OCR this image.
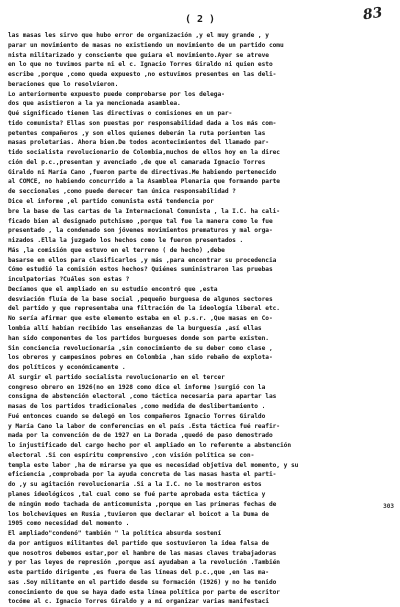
( 2 )	83
las masas les sirvo que hubo error de organización ,y el muy grande , y
parar un movimiento de masas no existiendo un movimiento de un partido comu
nista militarizado y consciente que guiara el movimiento.Ayer se atreve
en lo que no tuvimos parte ni el c. Ignacio Torres Giraldo ni quien esto
escribe ,porque ,como queda expuesto ,no estuvimos presentes en las deli-
beraciones que lo resolvieron.
Lo anteriormente expuesto puede comprobarse por los delega-
dos que asistieron a la ya mencionada asamblea.
Qué significado tienen las directivas o comisiones en un par-
tido comunista? Ellas son puestas por responsabilidad dada a los más com-
petentes compañeros ,y son ellos quienes deberán la ruta porienten las
masas proletarias. Ahora bien.De todos acontecimientos del llamado par-
tido socialista revolucionario de Colombia,muchos de ellos hoy en la direc
ción del p.c.,presentan y avenciado ,de que el camarada Ignacio Torres
Giraldo ni María Cano ,fueron parte de directivas.Me habiendo pertenecido
al COMCE, no habiendo concurrido a la Asamblea Plenaria que formando parte
de seccionales ,como puede derecer tan única responsabilidad ?
Dice el informe ,el partido comunista está tendencia por
bre la base de las cartas de la Internacional Comunista , la I.C. ha cali-
ficado bien al designado putchismo ,porque tal fue la manera como le fue
presentado , la condenado son jóvenes movimientos prematuros y mal orga-
nizados .Ella la juzgado los hechos como le fueron presentados .
Más ,la comisión que estuvo en el terreno ( de hecho) ,debe
basarse en ellos para clasificarlos ,y más ,para encontrar su procedencia
Cómo estudió la comisión estos hechos? Quiénes suministraron las pruebas
inculpatorias ?Cuáles son estas ?
Decíamos que el ampliado en su estudio encontró que ,esta
desviación fluía de la base social ,pequeño burguesa de algunos sectores
del partido y que representaba una filtración de la ideología liberal etc.
No sería afirmar que este elemento estaba en el p.s.r. ,Que masas en Co-
lombia allí habían recibido las enseñanzas de la burguesía ,así ellas
han sido componentes de los partidos burgueses donde son parte existen.
Sin conciencia revolucionaria ,sin conocimiento de su deber como clase ,
los obreros y campesinos pobres en Colombia ,han sido rebaño de explota-
dos políticos y económicamente .
Al surgir el partido socialista revolucionario en el tercer
congreso obrero en 1926(no en 1928 como dice el informe )surgió con la
consigna de abstención electoral ,como táctica necesaria para apartar las
masas de los partidos tradicionales ,como medida de deslibertamiento .
Fué entonces cuando se delegó en los compañeros Ignacio Torres Giraldo
y María Cano la labor de conferencias en el país .Esta táctica fué reafir-
mada por la convención de de 1927 en La Dorada ,quedó de paso demostrado
lo injustificado del cargo hecho por el ampliado en lo referente a abstención
electoral .Si con espíritu comprensivo ,con visión política se con-
templa este labor ,ha de mirarse ya que es necesidad objetiva del momento, y su
eficiencia ,comprobada por la ayuda concreta de las masas hasta el parti-
do ,y su agitación revolucionaria .Si a la I.C. no le mostraron estos
planes ideológicos ,tal cual como se fué parte aprobada esta táctica y
de ningún modo tachada de anticomunista ,porque en las primeras fechas de
los bolcheviques en Rusia ,tuvieron que declarar el boicot a la Duma de
1905 como necesidad del momento .
El ampliado"condenó" también " la política absurda sostení
da por antiguos militantes del partido que sostuvieron la idea falsa de
que nosotros debemos estar,por el hambre de las masas claves trabajadoras
y por las leyes de represión ,porque así ayudaban a la revolución .También
este partido dirigente ,es fuera de las líneas del p.c.,que ,en las ma-
sas .Soy militante en el partido desde su formación (1926) y no he tenido
conocimiento de que se haya dado esta línea política por parte de escritor
tocóme al c. Ignacio Torres Giraldo y a mí organizar varias manifestaci
303
